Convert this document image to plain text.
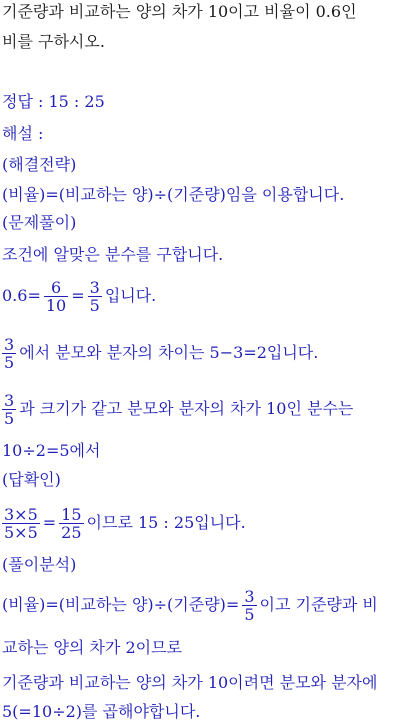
기준량과 비교하는 양의 차가 10이고 비율이 0.6인
비를 구하시오.
정답 : 15 : 25
해설 :
(해결전략)
(비율)=(비교하는 양)÷(기준량)임을 이용합니다.
(문제풀이)
조건에 알맞은 분수를 구합니다.
$0.6= \frac{6}{10} = \frac{3}{5}$ 입니다.
$\frac{3}{5}$ 에서 분모와 분자의 차이는 5−3=2입니다.
$\frac{3}{5}$ 과 크기가 같고 분모와 분자의 차가 10인 분수는
10÷2=5에서
(답확인)
$\frac{3\times 5}{5\times 5} = \frac{15}{25}$ 이므로 15 : 25입니다.
(풀이분석)
(비율)=(비교하는 양)÷(기준량)= $\frac{3}{5}$ 이고 기준량과 비
교하는 양의 차가 2이므로
기준량과 비교하는 양의 차가 10이려면 분모와 분자에
5(=10÷2)를 곱해야합니다.
